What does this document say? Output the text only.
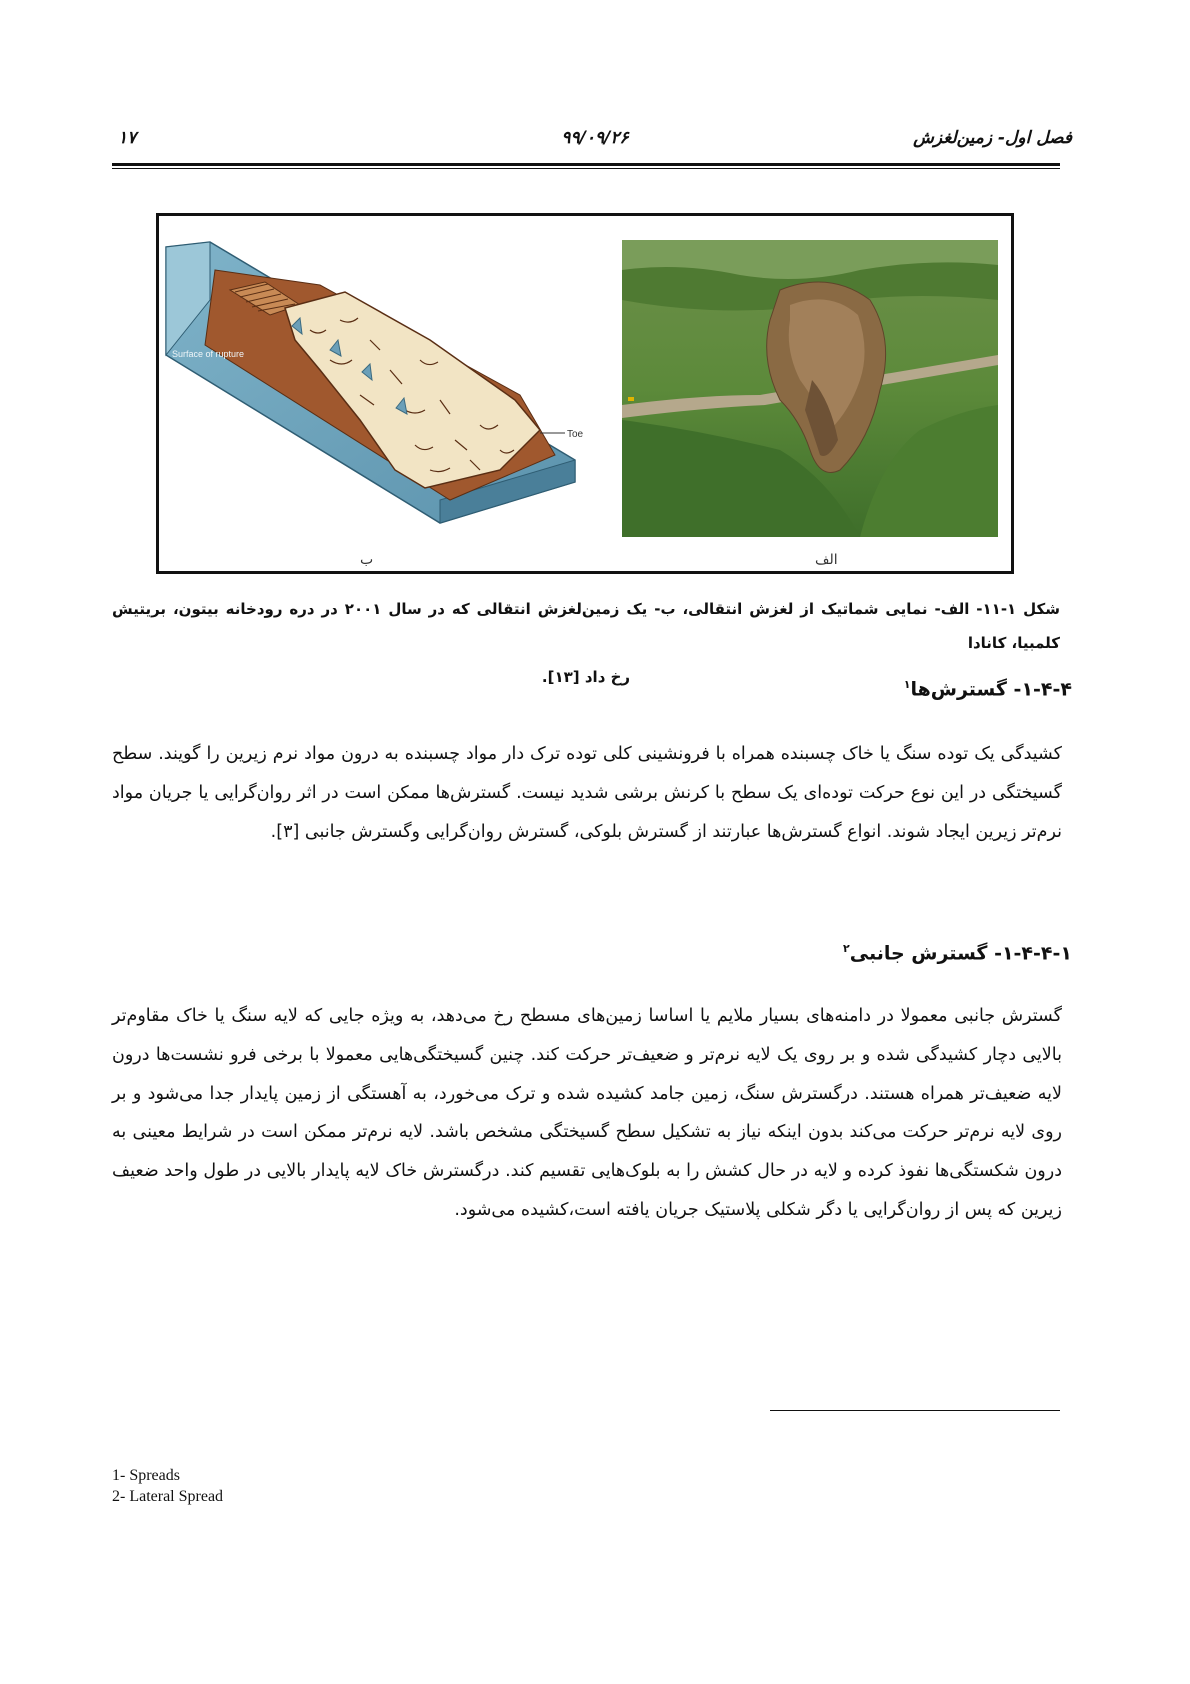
فصل اول- زمین‌لغزش
۹۹/۰۹/۲۶
۱۷
Toe
Surface of rupture
ب	الف
شکل ۱-۱۱- الف- نمایی شماتیک از لغزش انتقالی، ب- یک زمین‌لغزش انتقالی که در سال ۲۰۰۱ در دره رودخانه بیتون، بریتیش کلمبیا، کانادا
رخ داد [۱۳].
۱-۴-۴- گسترش‌ها$^۱$
کشیدگی یک توده سنگ یا خاک چسبنده همراه با فرونشینی کلی توده ترک دار مواد چسبنده به درون مواد نرم زیرین را گویند. سطح گسیختگی در این نوع حرکت توده‌ای یک سطح با کرنش برشی شدید نیست. گسترش‌ها ممکن است در اثر روان‌گرایی یا جریان مواد نرم‌تر زیرین ایجاد شوند. انواع گسترش‌ها عبارتند از گسترش بلوکی، گسترش روان‌گرایی وگسترش جانبی [۳].
۱-۴-۴-۱- گسترش جانبی$^۲$
گسترش جانبی معمولا در دامنه‌های بسیار ملایم یا اساسا زمین‌های مسطح رخ می‌دهد، به ویژه جایی که لایه سنگ یا خاک مقاوم‌تر بالایی دچار کشیدگی شده و بر روی یک لایه نرم‌تر و ضعیف‌تر حرکت کند. چنین گسیختگی‌هایی معمولا با برخی فرو نشست‌ها درون لایه ضعیف‌تر همراه هستند. درگسترش سنگ، زمین جامد کشیده شده و ترک می‌خورد، به آهستگی از زمین پایدار جدا می‌شود و بر روی لایه نرم‌تر حرکت می‌کند بدون اینکه نیاز به تشکیل سطح گسیختگی مشخص باشد. لایه نرم‌تر ممکن است در شرایط معینی به درون شکستگی‌ها نفوذ کرده و لایه در حال کشش را به بلوک‌هایی تقسیم کند. درگسترش خاک لایه پایدار بالایی در طول واحد ضعیف زیرین که پس از روان‌گرایی یا دگر شکلی پلاستیک جریان یافته است،کشیده می‌شود.
1- Spreads
2- Lateral Spread
